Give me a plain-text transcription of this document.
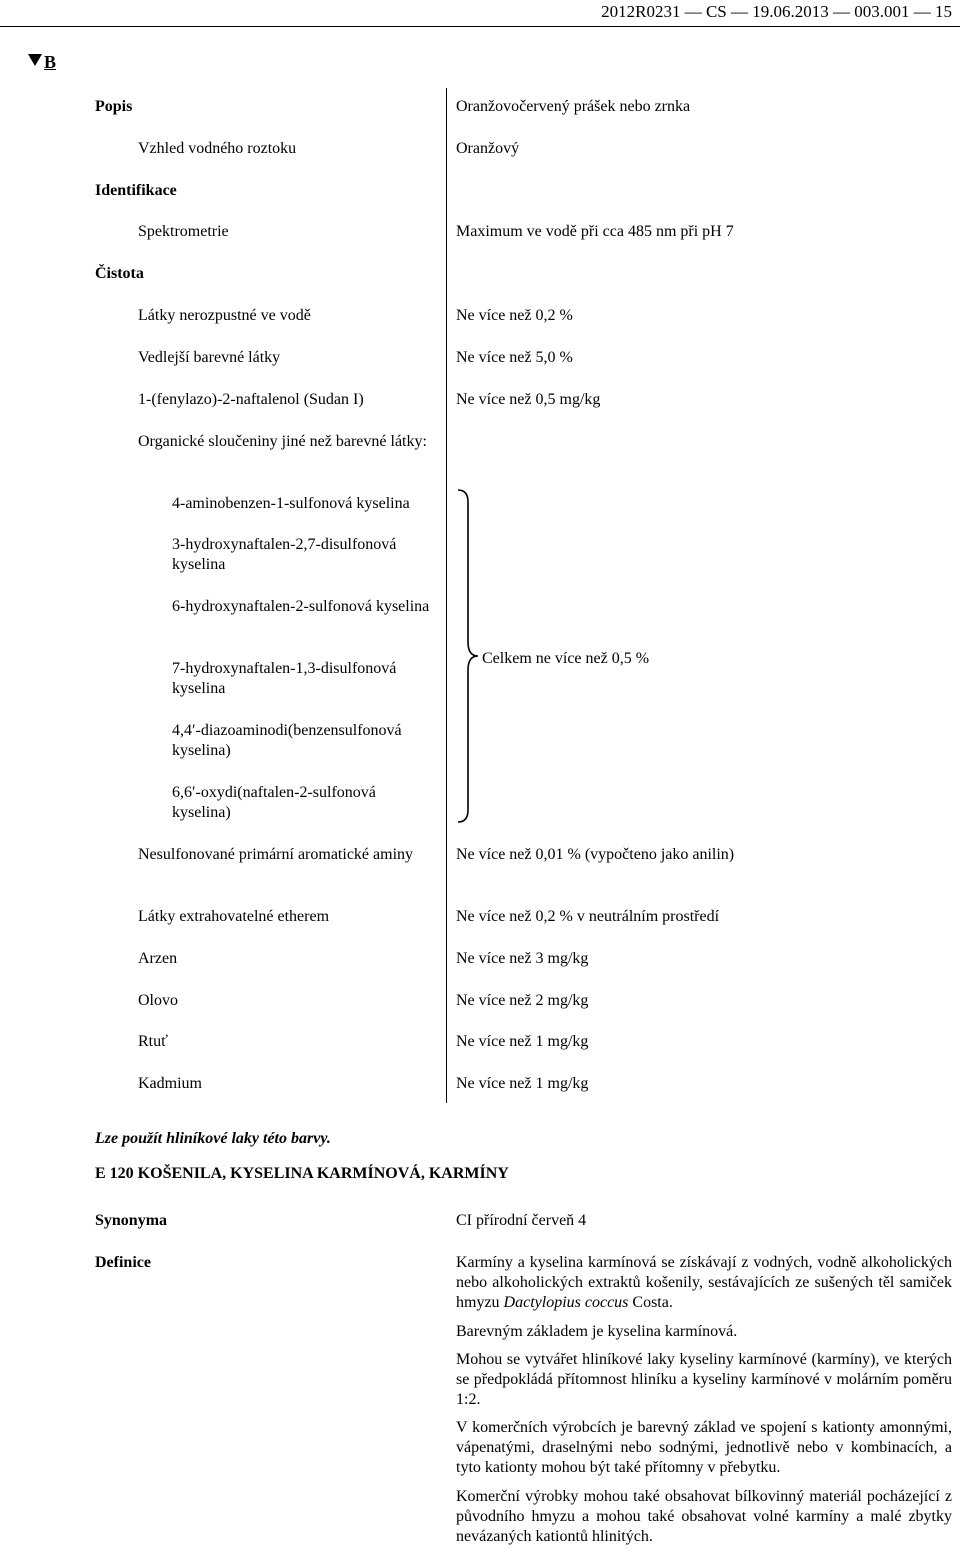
2012R0231 — CS — 19.06.2013 — 003.001 — 15
B
Popis	Oranžovočervený prášek nebo zrnka
Vzhled vodného roztoku	Oranžový
Identifikace
Spektrometrie	Maximum ve vodě při cca 485 nm při pH 7
Čistota
Látky nerozpustné ve vodě	Ne více než 0,2 %
Vedlejší barevné látky	Ne více než 5,0 %
1-(fenylazo)-2-naftalenol (Sudan I)	Ne více než 0,5 mg/kg
Organické sloučeniny jiné než barevné látky:
4-aminobenzen-1-sulfonová kyselina
3-hydroxynaftalen-2,7-disulfonová kyselina
6-hydroxynaftalen-2-sulfonová kyselina
7-hydroxynaftalen-1,3-disulfonová kyselina
4,4′-diazoaminodi(benzensulfonová kyselina)
6,6′-oxydi(naftalen-2-sulfonová kyselina)
Celkem ne více než 0,5 %
Nesulfonované primární aromatické aminy	Ne více než 0,01 % (vypočteno jako anilin)
Látky extrahovatelné etherem	Ne více než 0,2 % v neutrálním prostředí
Arzen	Ne více než 3 mg/kg
Olovo	Ne více než 2 mg/kg
Rtuť	Ne více než 1 mg/kg
Kadmium	Ne více než 1 mg/kg
Lze použít hliníkové laky této barvy.
E 120 KOŠENILA, KYSELINA KARMÍNOVÁ, KARMÍNY
Synonyma	CI přírodní červeň 4
Definice	Karmíny a kyselina karmínová se získávají z vodných, vodně alkoholických nebo alkoholických extraktů košenily, sestávajících ze sušených těl samiček hmyzu Dactylopius coccus Costa.
Barevným základem je kyselina karmínová.
Mohou se vytvářet hliníkové laky kyseliny karmínové (karmíny), ve kterých se předpokládá přítomnost hliníku a kyseliny karmínové v molárním poměru 1:2.
V komerčních výrobcích je barevný základ ve spojení s kationty amonnými, vápenatými, draselnými nebo sodnými, jednotlivě nebo v kombinacích, a tyto kationty mohou být také přítomny v přebytku.
Komerční výrobky mohou také obsahovat bílkovinný materiál pocházející z původního hmyzu a mohou také obsahovat volné karmíny a malé zbytky nevázaných kationtů hlinitých.
